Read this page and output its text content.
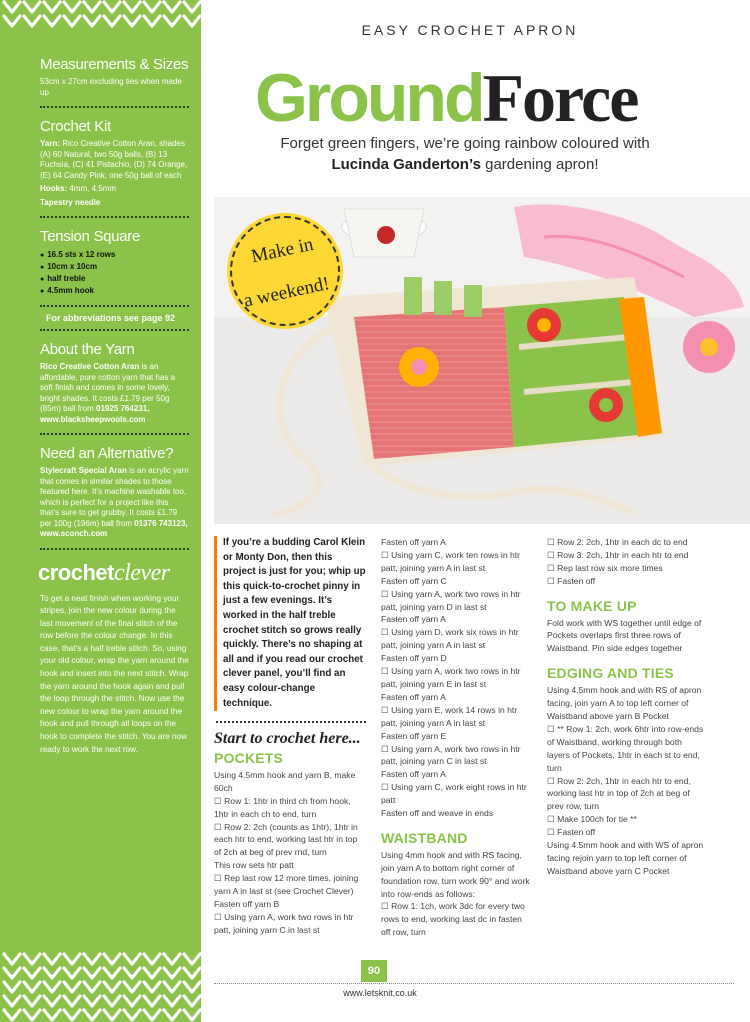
Measurements & Sizes
53cm x 27cm excluding ties when made up
Crochet Kit
Yarn: Rico Creative Cotton Aran, shades (A) 60 Natural, two 50g balls, (B) 13 Fuchsia, (C) 41 Pistachio, (D) 74 Orange, (E) 64 Candy Pink, one 50g ball of each
Hooks: 4mm, 4.5mm
Tapestry needle
Tension Square
● 16.5 sts x 12 rows
● 10cm x 10cm
● half treble
● 4.5mm hook
For abbreviations see page 92
About the Yarn
Rico Creative Cotton Aran is an affordable, pure cotton yarn that has a soft finish and comes in some lovely, bright shades. It costs £1.79 per 50g (85m) ball from 01925 764231,
www.blacksheepwools.com
Need an Alternative?
Stylecraft Special Aran is an acrylic yarn that comes in similar shades to those featured here. It’s machine washable too, which is perfect for a project like this that’s sure to get grubby. It costs £1.79 per 100g (196m) ball from 01376 743123,
www.sconch.com
crochetclever
To get a neat finish when working your stripes, join the new colour during the last movement of the final stitch of the row before the colour change. In this case, that’s a half treble stitch. So, using your old colour, wrap the yarn around the hook and insert into the next stitch. Wrap the yarn around the hook again and pull the loop through the stitch. Now use the new colour to wrap the yarn around the hook and pull through all loops on the hook to complete the stitch. You are now ready to work the next row.
EASY CROCHET APRON
GroundForce
Forget green fingers, we’re going rainbow coloured with
Lucinda Ganderton’s gardening apron!
Make in

a weekend!
If you’re a budding Carol Klein or Monty Don, then this project is just for you; whip up this quick-to-crochet pinny in just a few evenings. It’s worked in the half treble crochet stitch so grows really quickly. There’s no shaping at all and if you read our crochet clever panel, you’ll find an easy colour-change technique.
Start to crochet here...
POCKETS

Using 4.5mm hook and yarn B, make 60ch

☐ Row 1: 1htr in third ch from hook, 1htr in each ch to end, turn

☐ Row 2: 2ch (counts as 1htr), 1htr in each htr to end, working last htr in top of 2ch at beg of prev rnd, turn

This row sets htr patt

☐ Rep last row 12 more times, joining yarn A in last st (see Crochet Clever)

Fasten off yarn B

☐ Using yarn A, work two rows in htr patt, joining yarn C in last st

Fasten off yarn A

☐ Using yarn C, work ten rows in htr patt, joining yarn A in last st

Fasten off yarn C

☐ Using yarn A, work two rows in htr patt, joining yarn D in last st

Fasten off yarn A

☐ Using yarn D, work six rows in htr patt, joining yarn A in last st

Fasten off yarn D

☐ Using yarn A, work two rows in htr patt, joining yarn E in last st

Fasten off yarn A

☐ Using yarn E, work 14 rows in htr patt, joining yarn A in last st

Fasten off yarn E

☐ Using yarn A, work two rows in htr patt, joining yarn C in last st

Fasten off yarn A

☐ Using yarn C, work eight rows in htr patt

Fasten off and weave in ends

WAISTBAND

Using 4mm hook and with RS facing, join yarn A to bottom right corner of foundation row, turn work 90° and work into row-ends as follows:

☐ Row 1: 1ch, work 3dc for every two rows to end, working last dc in fasten off row, turn

☐ Row 2: 2ch, 1htr in each dc to end

☐ Row 3: 2ch, 1htr in each htr to end

☐ Rep last row six more times

☐ Fasten off

TO MAKE UP

Fold work with WS together until edge of Pockets overlaps first three rows of Waistband. Pin side edges together

EDGING AND TIES

Using 4.5mm hook and with RS of apron facing, join yarn A to top left corner of Waistband above yarn B Pocket

☐ ** Row 1: 2ch, work 6htr into row-ends of Waistband, working through both layers of Pockets, 1htr in each st to end, turn

☐ Row 2: 2ch, 1htr in each htr to end, working last htr in top of 2ch at beg of prev row, turn

☐ Make 100ch for tie **

☐ Fasten off

Using 4.5mm hook and with WS of apron facing rejoin yarn to top left corner of Waistband above yarn C Pocket

90
www.letsknit.co.uk
